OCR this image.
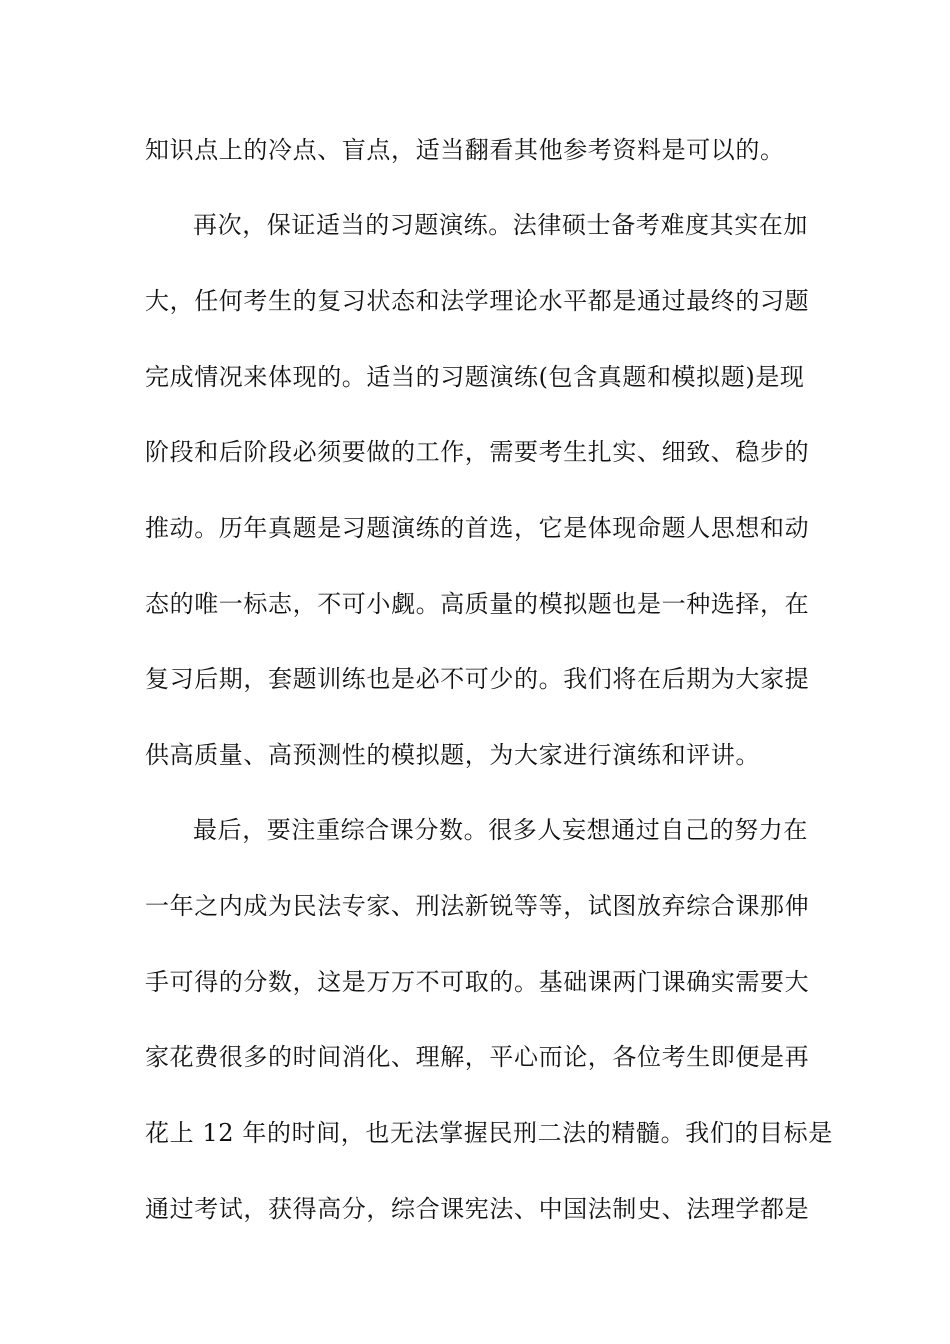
知识点上的冷点、盲点，适当翻看其他参考资料是可以的。
再次，保证适当的习题演练。法律硕士备考难度其实在加
大，任何考生的复习状态和法学理论水平都是通过最终的习题
完成情况来体现的。适当的习题演练(包含真题和模拟题)是现
阶段和后阶段必须要做的工作，需要考生扎实、细致、稳步的
推动。历年真题是习题演练的首选，它是体现命题人思想和动
态的唯一标志，不可小觑。高质量的模拟题也是一种选择，在
复习后期，套题训练也是必不可少的。我们将在后期为大家提
供高质量、高预测性的模拟题，为大家进行演练和评讲。
最后，要注重综合课分数。很多人妄想通过自己的努力在
一年之内成为民法专家、刑法新锐等等，试图放弃综合课那伸
手可得的分数，这是万万不可取的。基础课两门课确实需要大
家花费很多的时间消化、理解，平心而论，各位考生即便是再
花上 12 年的时间，也无法掌握民刑二法的精髓。我们的目标是
通过考试，获得高分，综合课宪法、中国法制史、法理学都是
